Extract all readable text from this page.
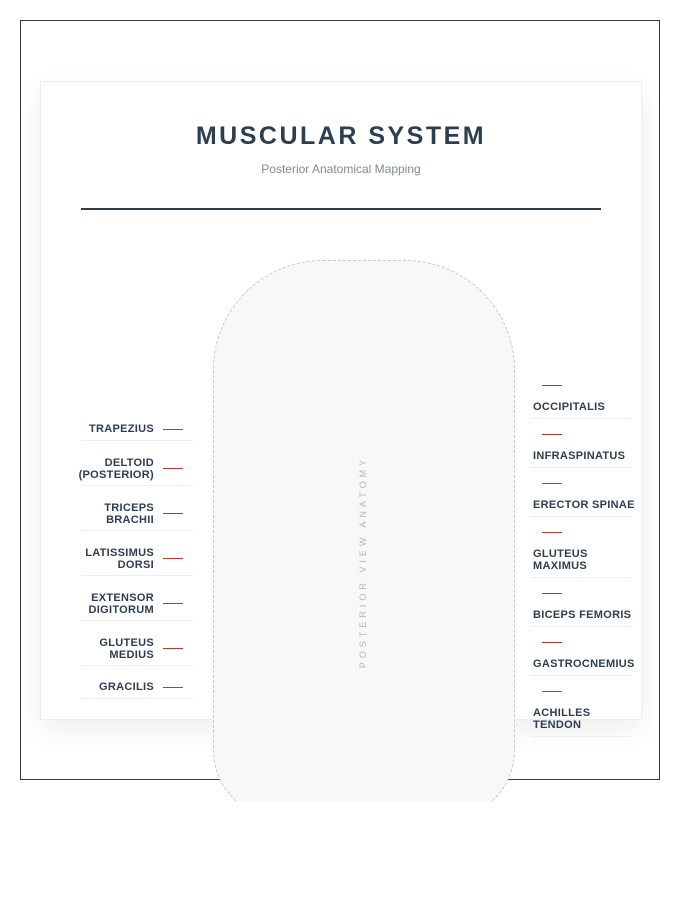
MUSCULAR SYSTEM
Posterior Anatomical Mapping
POSTERIOR VIEW ANATOMY
TRAPEZIUS
DELTOID (POSTERIOR)
TRICEPS BRACHII
LATISSIMUS DORSI
EXTENSOR DIGITORUM
GLUTEUS MEDIUS
GRACILIS
OCCIPITALIS
INFRASPINATUS
ERECTOR SPINAE
GLUTEUS MAXIMUS
BICEPS FEMORIS
GASTROCNEMIUS
ACHILLES TENDON
